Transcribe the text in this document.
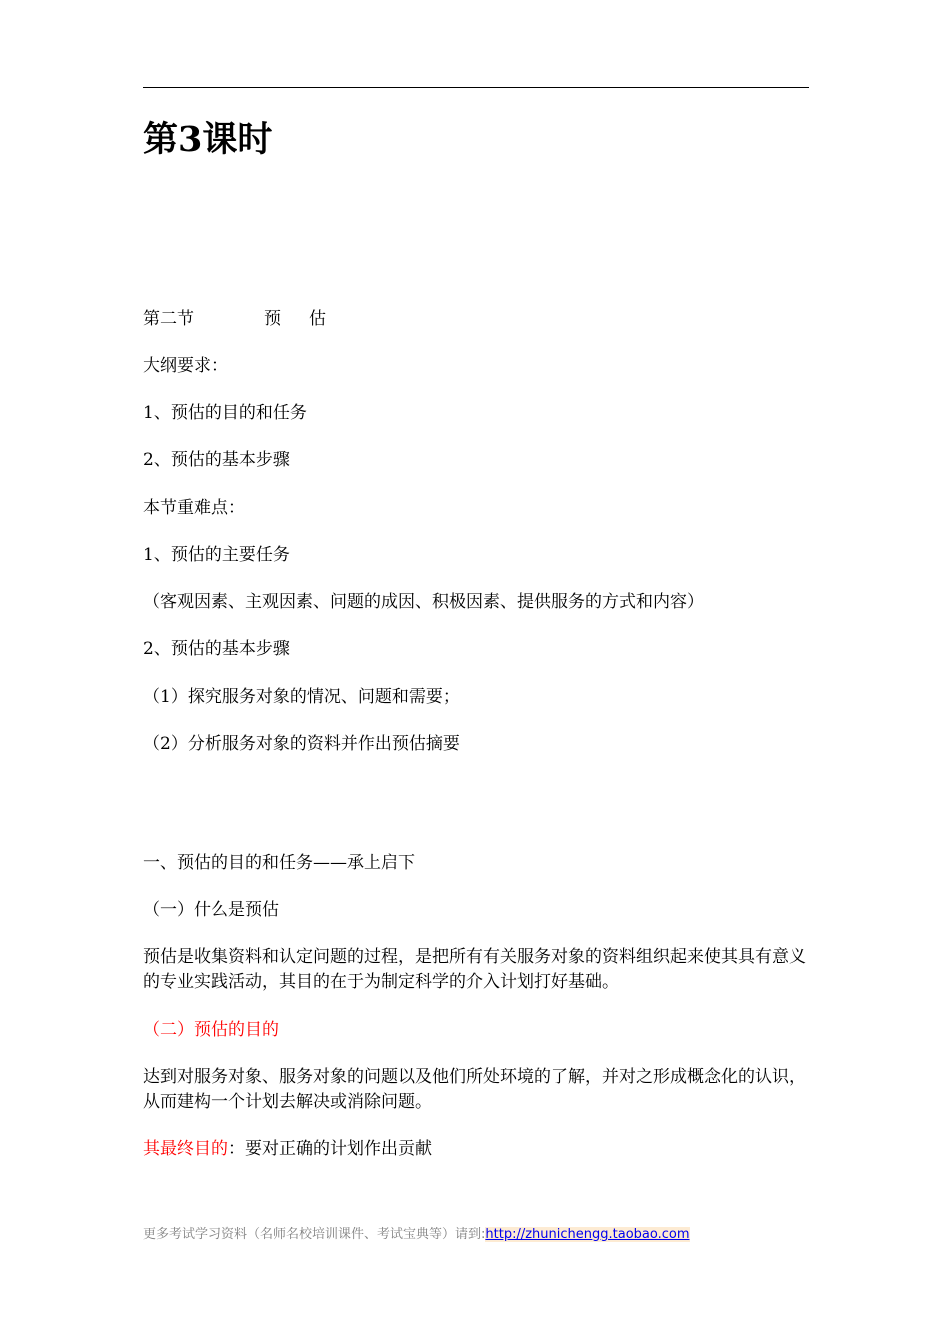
第3课时
第二节	预 估
大纲要求：
1、预估的目的和任务
2、预估的基本步骤
本节重难点：
1、预估的主要任务
（客观因素、主观因素、问题的成因、积极因素、提供服务的方式和内容）
2、预估的基本步骤
（1）探究服务对象的情况、问题和需要；
（2）分析服务对象的资料并作出预估摘要
一、预估的目的和任务——承上启下
（一）什么是预估
预估是收集资料和认定问题的过程，是把所有有关服务对象的资料组织起来使其具有意义的专业实践活动，其目的在于为制定科学的介入计划打好基础。
（二）预估的目的
达到对服务对象、服务对象的问题以及他们所处环境的了解，并对之形成概念化的认识，从而建构一个计划去解决或消除问题。
其最终目的：要对正确的计划作出贡献
更多考试学习资料（名师名校培训课件、考试宝典等）请到:http://zhunichengg.taobao.com
